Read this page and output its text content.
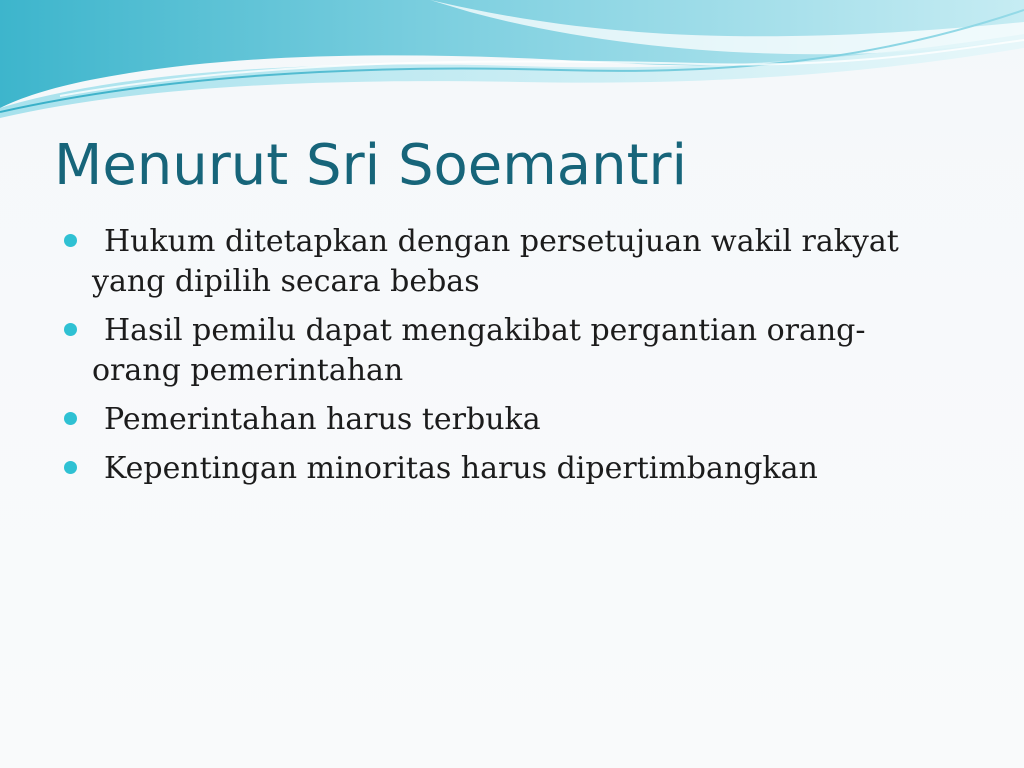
Menurut Sri Soemantri
Hukum ditetapkan dengan persetujuan wakil rakyat yang dipilih secara bebas
Hasil pemilu dapat mengakibat pergantian orang-orang pemerintahan
Pemerintahan harus terbuka
Kepentingan minoritas harus dipertimbangkan
